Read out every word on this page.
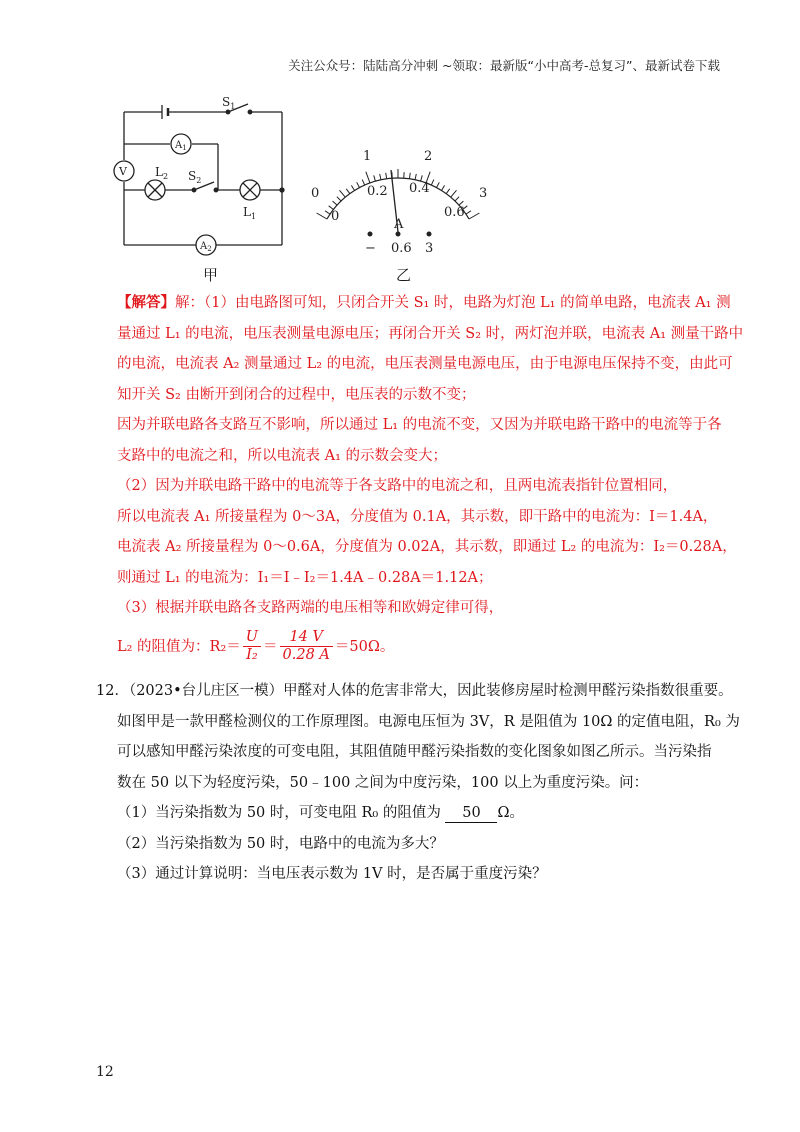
关注公众号：陆陆高分冲刺 ~领取：最新版“小中高考-总复习”、最新试卷下载
$S_1$
$A_1$
V $L_2$ $S_2$
$L_1$
$A_2$
甲
0
1	2
3
0
0.2 0.4
0.6
A
− 0.6 3
乙

【解答】解：（1）由电路图可知，只闭合开关 S₁ 时，电路为灯泡 L₁ 的简单电路，电流表 A₁ 测

量通过 L₁ 的电流，电压表测量电源电压；再闭合开关 S₂ 时，两灯泡并联，电流表 A₁ 测量干路中

的电流，电流表 A₂ 测量通过 L₂ 的电流，电压表测量电源电压，由于电源电压保持不变，由此可

知开关 S₂ 由断开到闭合的过程中，电压表的示数不变；

因为并联电路各支路互不影响，所以通过 L₁ 的电流不变，又因为并联电路干路中的电流等于各

支路中的电流之和，所以电流表 A₁ 的示数会变大；

（2）因为并联电路干路中的电流等于各支路中的电流之和，且两电流表指针位置相同，

所以电流表 A₁ 所接量程为 0～3A，分度值为 0.1A，其示数，即干路中的电流为：I＝1.4A，

电流表 A₂ 所接量程为 0～0.6A，分度值为 0.02A，其示数，即通过 L₂ 的电流为：I₂＝0.28A，

则通过 L₁ 的电流为：I₁＝I﹣I₂＝1.4A﹣0.28A＝1.12A；

（3）根据并联电路各支路两端的电压相等和欧姆定律可得，

L₂ 的阻值为：$R_2= \frac{U}{\text{I₂}} = \frac{14 V}{0.28 A} =50\Omega$。

12．（2023•台儿庄区一模）甲醛对人体的危害非常大，因此装修房屋时检测甲醛污染指数很重要。

如图甲是一款甲醛检测仪的工作原理图。电源电压恒为 3V，R 是阻值为 10Ω 的定值电阻，R₀ 为

可以感知甲醛污染浓度的可变电阻，其阻值随甲醛污染指数的变化图象如图乙所示。当污染指

数在 50 以下为轻度污染，50﹣100 之间为中度污染，100 以上为重度污染。问：

（1）当污染指数为 50 时，可变电阻 R₀ 的阻值为 50 Ω。

（2）当污染指数为 50 时，电路中的电流为多大？

（3）通过计算说明：当电压表示数为 1V 时，是否属于重度污染？

12
